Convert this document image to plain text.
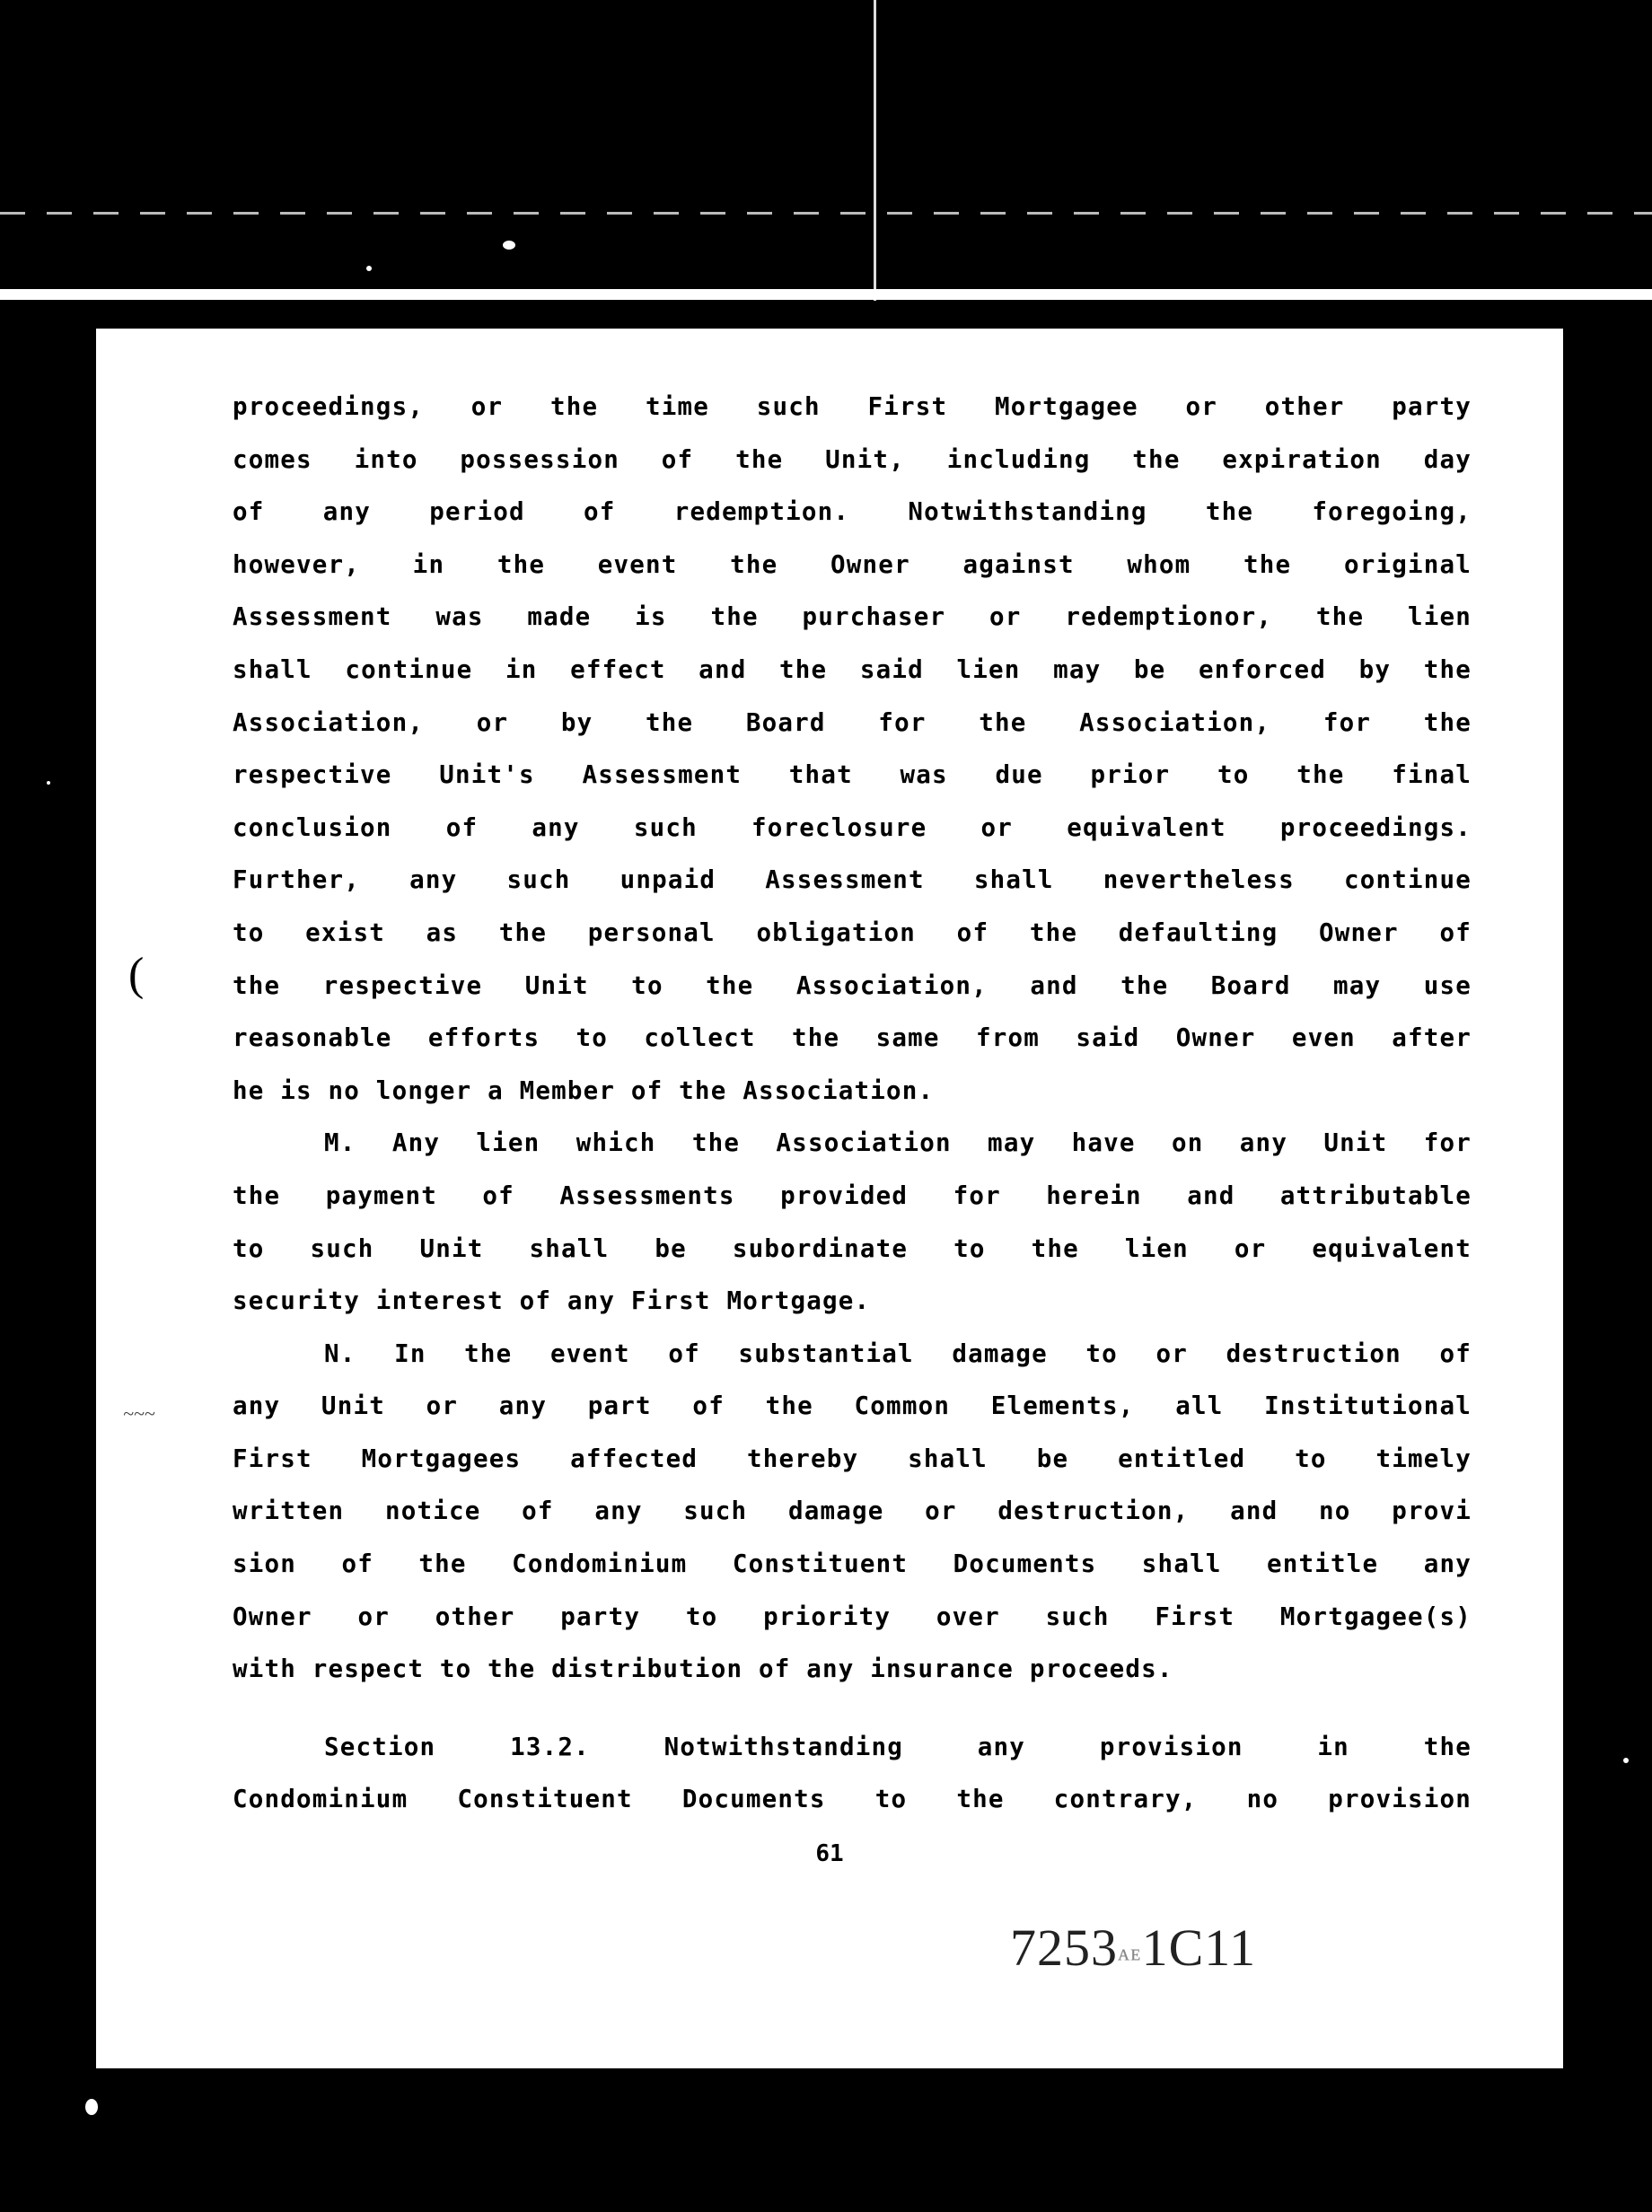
proceedings, or the time such First Mortgagee or other party
comes into possession of the Unit, including the expiration day
of any period of redemption. Notwithstanding the foregoing,
however, in the event the Owner against whom the original
Assessment was made is the purchaser or redemptionor, the lien
shall continue in effect and the said lien may be enforced by the
Association, or by the Board for the Association, for the
respective Unit's Assessment that was due prior to the final
conclusion of any such foreclosure or equivalent proceedings.
Further, any such unpaid Assessment shall nevertheless continue
to exist as the personal obligation of the defaulting Owner of
the respective Unit to the Association, and the Board may use
reasonable efforts to collect the same from said Owner even after
he is no longer a Member of the Association.
M. Any lien which the Association may have on any Unit for
the payment of Assessments provided for herein and attributable
to such Unit shall be subordinate to the lien or equivalent
security interest of any First Mortgage.
N. In the event of substantial damage to or destruction of
any Unit or any part of the Common Elements, all Institutional
First Mortgagees affected thereby shall be entitled to timely
written notice of any such damage or destruction, and no provi
sion of the Condominium Constituent Documents shall entitle any
Owner or other party to priority over such First Mortgagee(s)
with respect to the distribution of any insurance proceeds.
Section 13.2. Notwithstanding any provision in the
Condominium Constituent Documents to the contrary, no provision
61
7253ᴀᴇ1C11
(
~~~
